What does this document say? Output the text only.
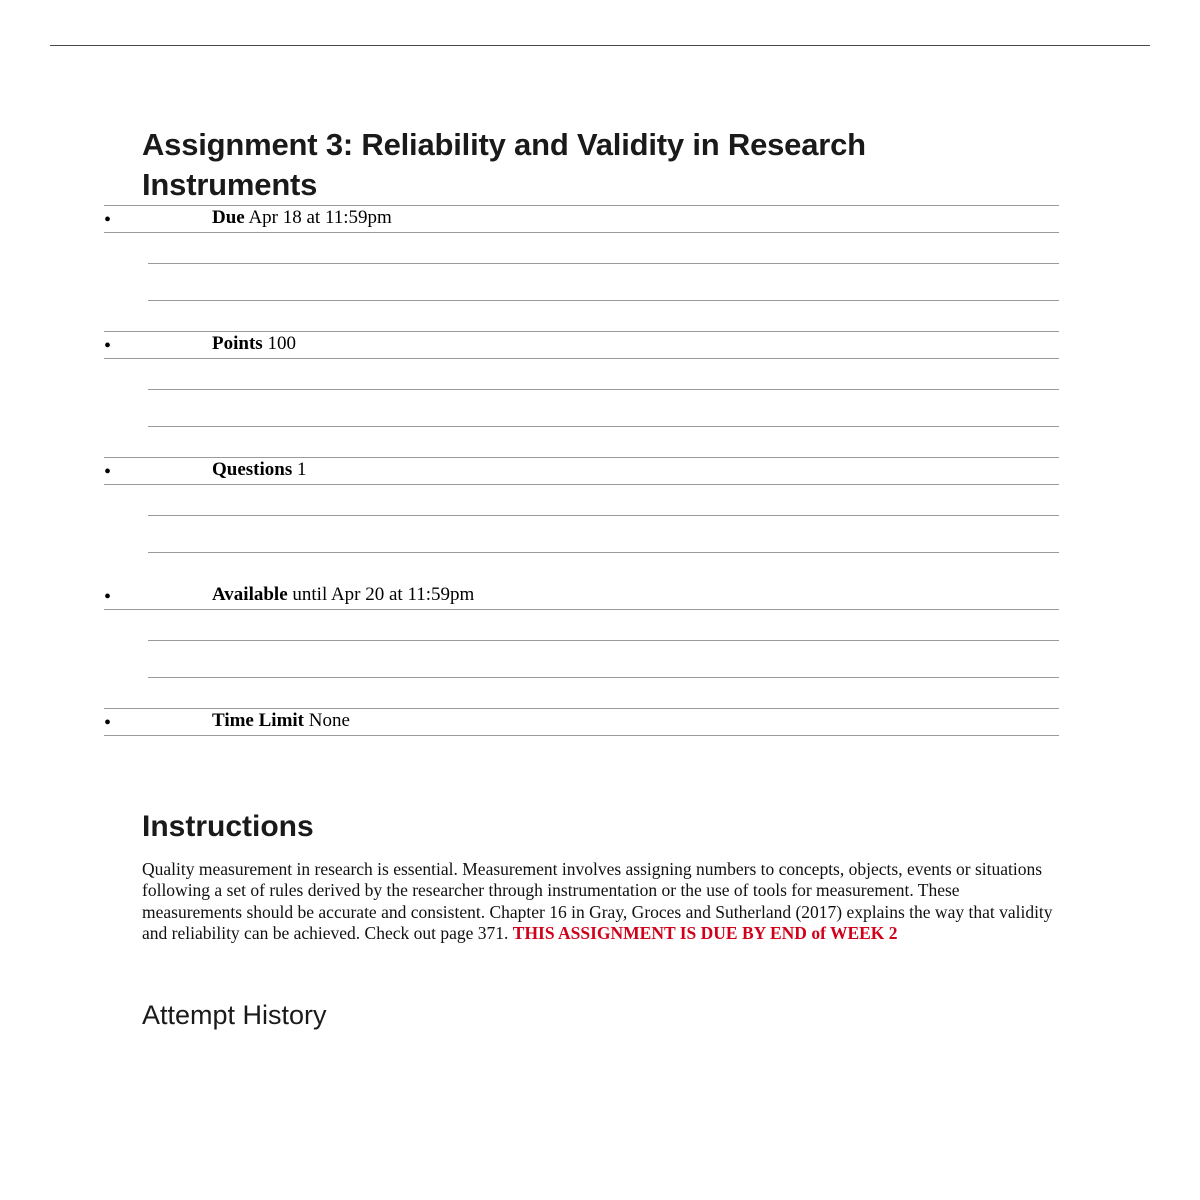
Assignment 3: Reliability and Validity in Research Instruments
•	Due Apr 18 at 11:59pm
•	Points 100
•	Questions 1
•	Available until Apr 20 at 11:59pm
•	Time Limit None
Instructions

Quality measurement in research is essential. Measurement involves assigning numbers to concepts, objects, events or situations following a set of rules derived by the researcher through instrumentation or the use of tools for measurement. These measurements should be accurate and consistent. Chapter 16 in Gray, Groces and Sutherland (2017) explains the way that validity and reliability can be achieved. Check out page 371. THIS ASSIGNMENT IS DUE BY END of WEEK 2

Attempt History
